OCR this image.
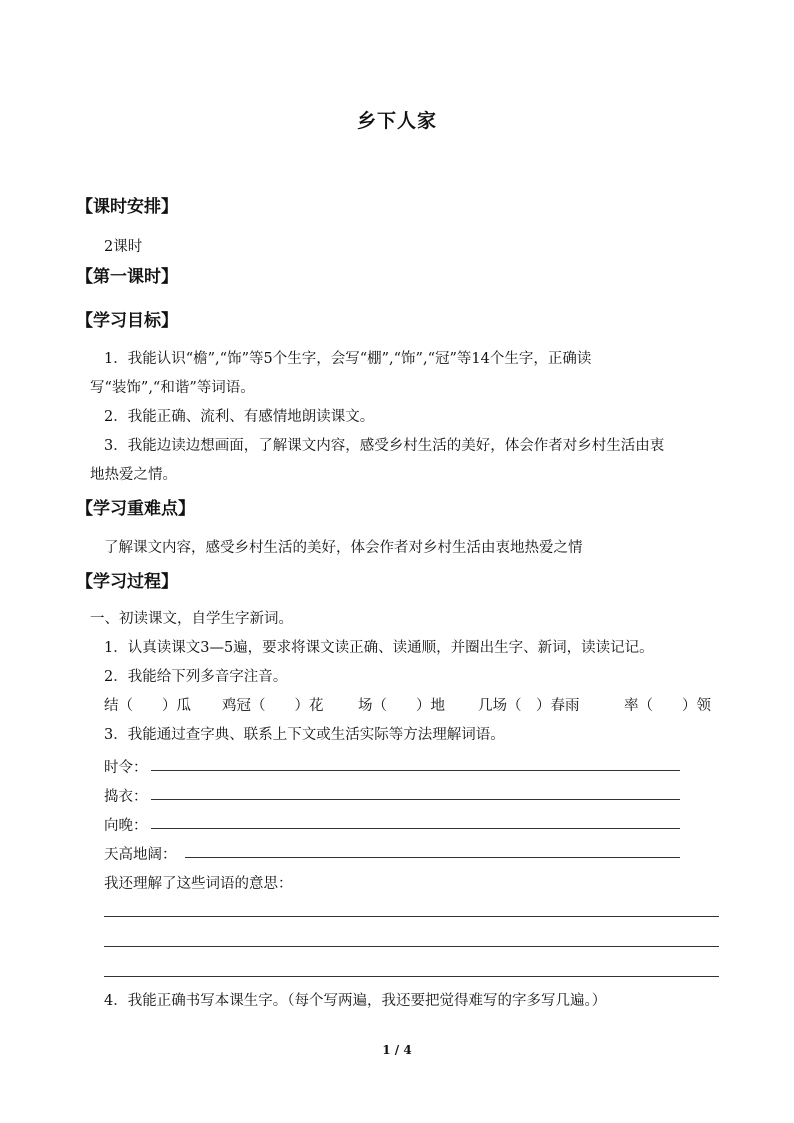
乡下人家
【课时安排】
2课时
【第一课时】
【学习目标】
1．我能认识“檐”,“饰”等5个生字，会写“棚”,“饰”,“冠”等14个生字，正确读
写“装饰”,“和谐”等词语。
2．我能正确、流利、有感情地朗读课文。
3．我能边读边想画面，了解课文内容，感受乡村生活的美好，体会作者对乡村生活由衷
地热爱之情。
【学习重难点】
了解课文内容，感受乡村生活的美好，体会作者对乡村生活由衷地热爱之情
【学习过程】
一、初读课文，自学生字新词。
1．认真读课文3—5遍，要求将课文读正确、读通顺，并圈出生字、新词，读读记记。
2．我能给下列多音字注音。
结（　　）瓜 鸡冠（　　）花 场（　　）地 几场（　）春雨	率（　　）领
3．我能通过查字典、联系上下文或生活实际等方法理解词语。
时令：
捣衣：
向晚：
天高地阔：
我还理解了这些词语的意思：
4．我能正确书写本课生字。（每个写两遍，我还要把觉得难写的字多写几遍。）
1 / 4
